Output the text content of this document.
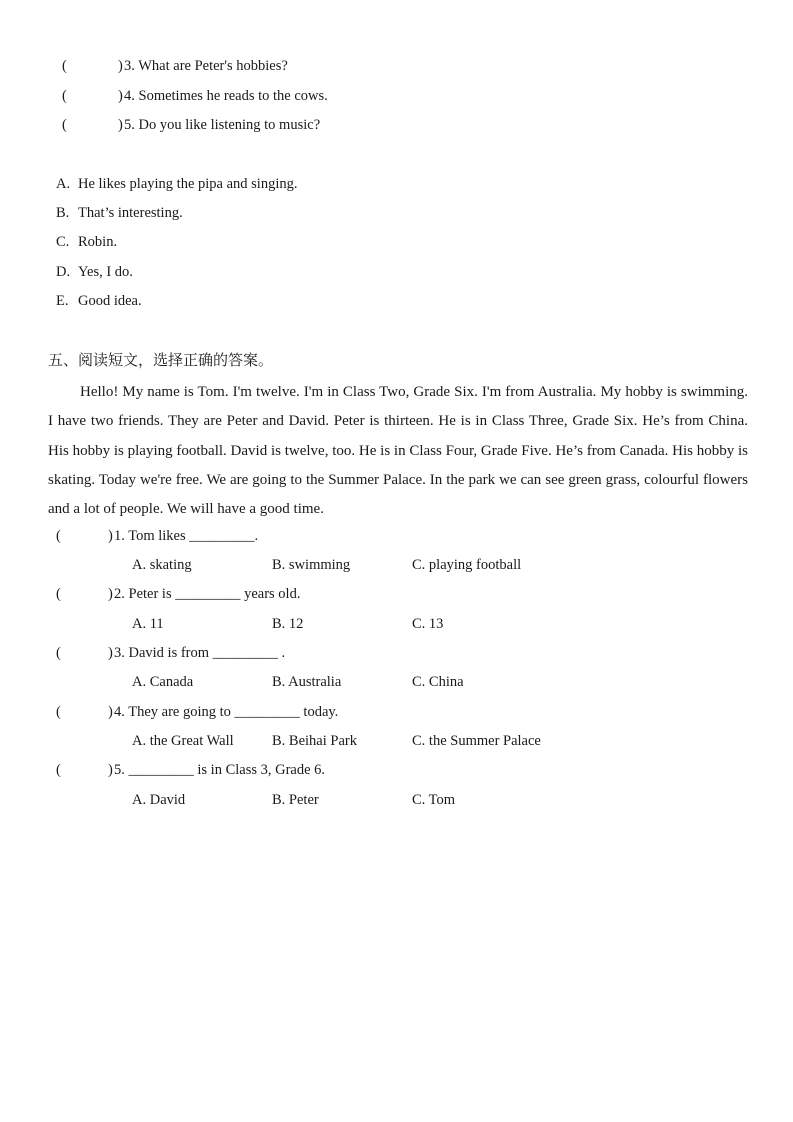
(	) 3. What are Peter's hobbies?
(	) 4. Sometimes he reads to the cows.
(	) 5. Do you like listening to music?
A. He likes playing the pipa and singing.
B. That’s interesting.
C. Robin.
D. Yes, I do.
E. Good idea.
五、阅读短文，选择正确的答案。
Hello! My name is Tom. I'm twelve. I'm in Class Two, Grade Six. I'm from Australia. My hobby is swimming. I have two friends. They are Peter and David. Peter is thirteen. He is in Class Three, Grade Six. He’s from China. His hobby is playing football. David is twelve, too. He is in Class Four, Grade Five. He’s from Canada. His hobby is skating. Today we're free. We are going to the Summer Palace. In the park we can see green grass, colourful flowers and a lot of people. We will have a good time.
(	) 1. Tom likes _________.
A. skating	B. swimming	C. playing football
(	) 2. Peter is _________ years old.
A. 11	B. 12	C. 13
(	) 3. David is from _________ .
A. Canada	B. Australia	C. China
(	) 4. They are going to _________ today.
A. the Great Wall	B. Beihai Park	C. the Summer Palace
(	) 5. _________ is in Class 3, Grade 6.
A. David	B. Peter	C. Tom
